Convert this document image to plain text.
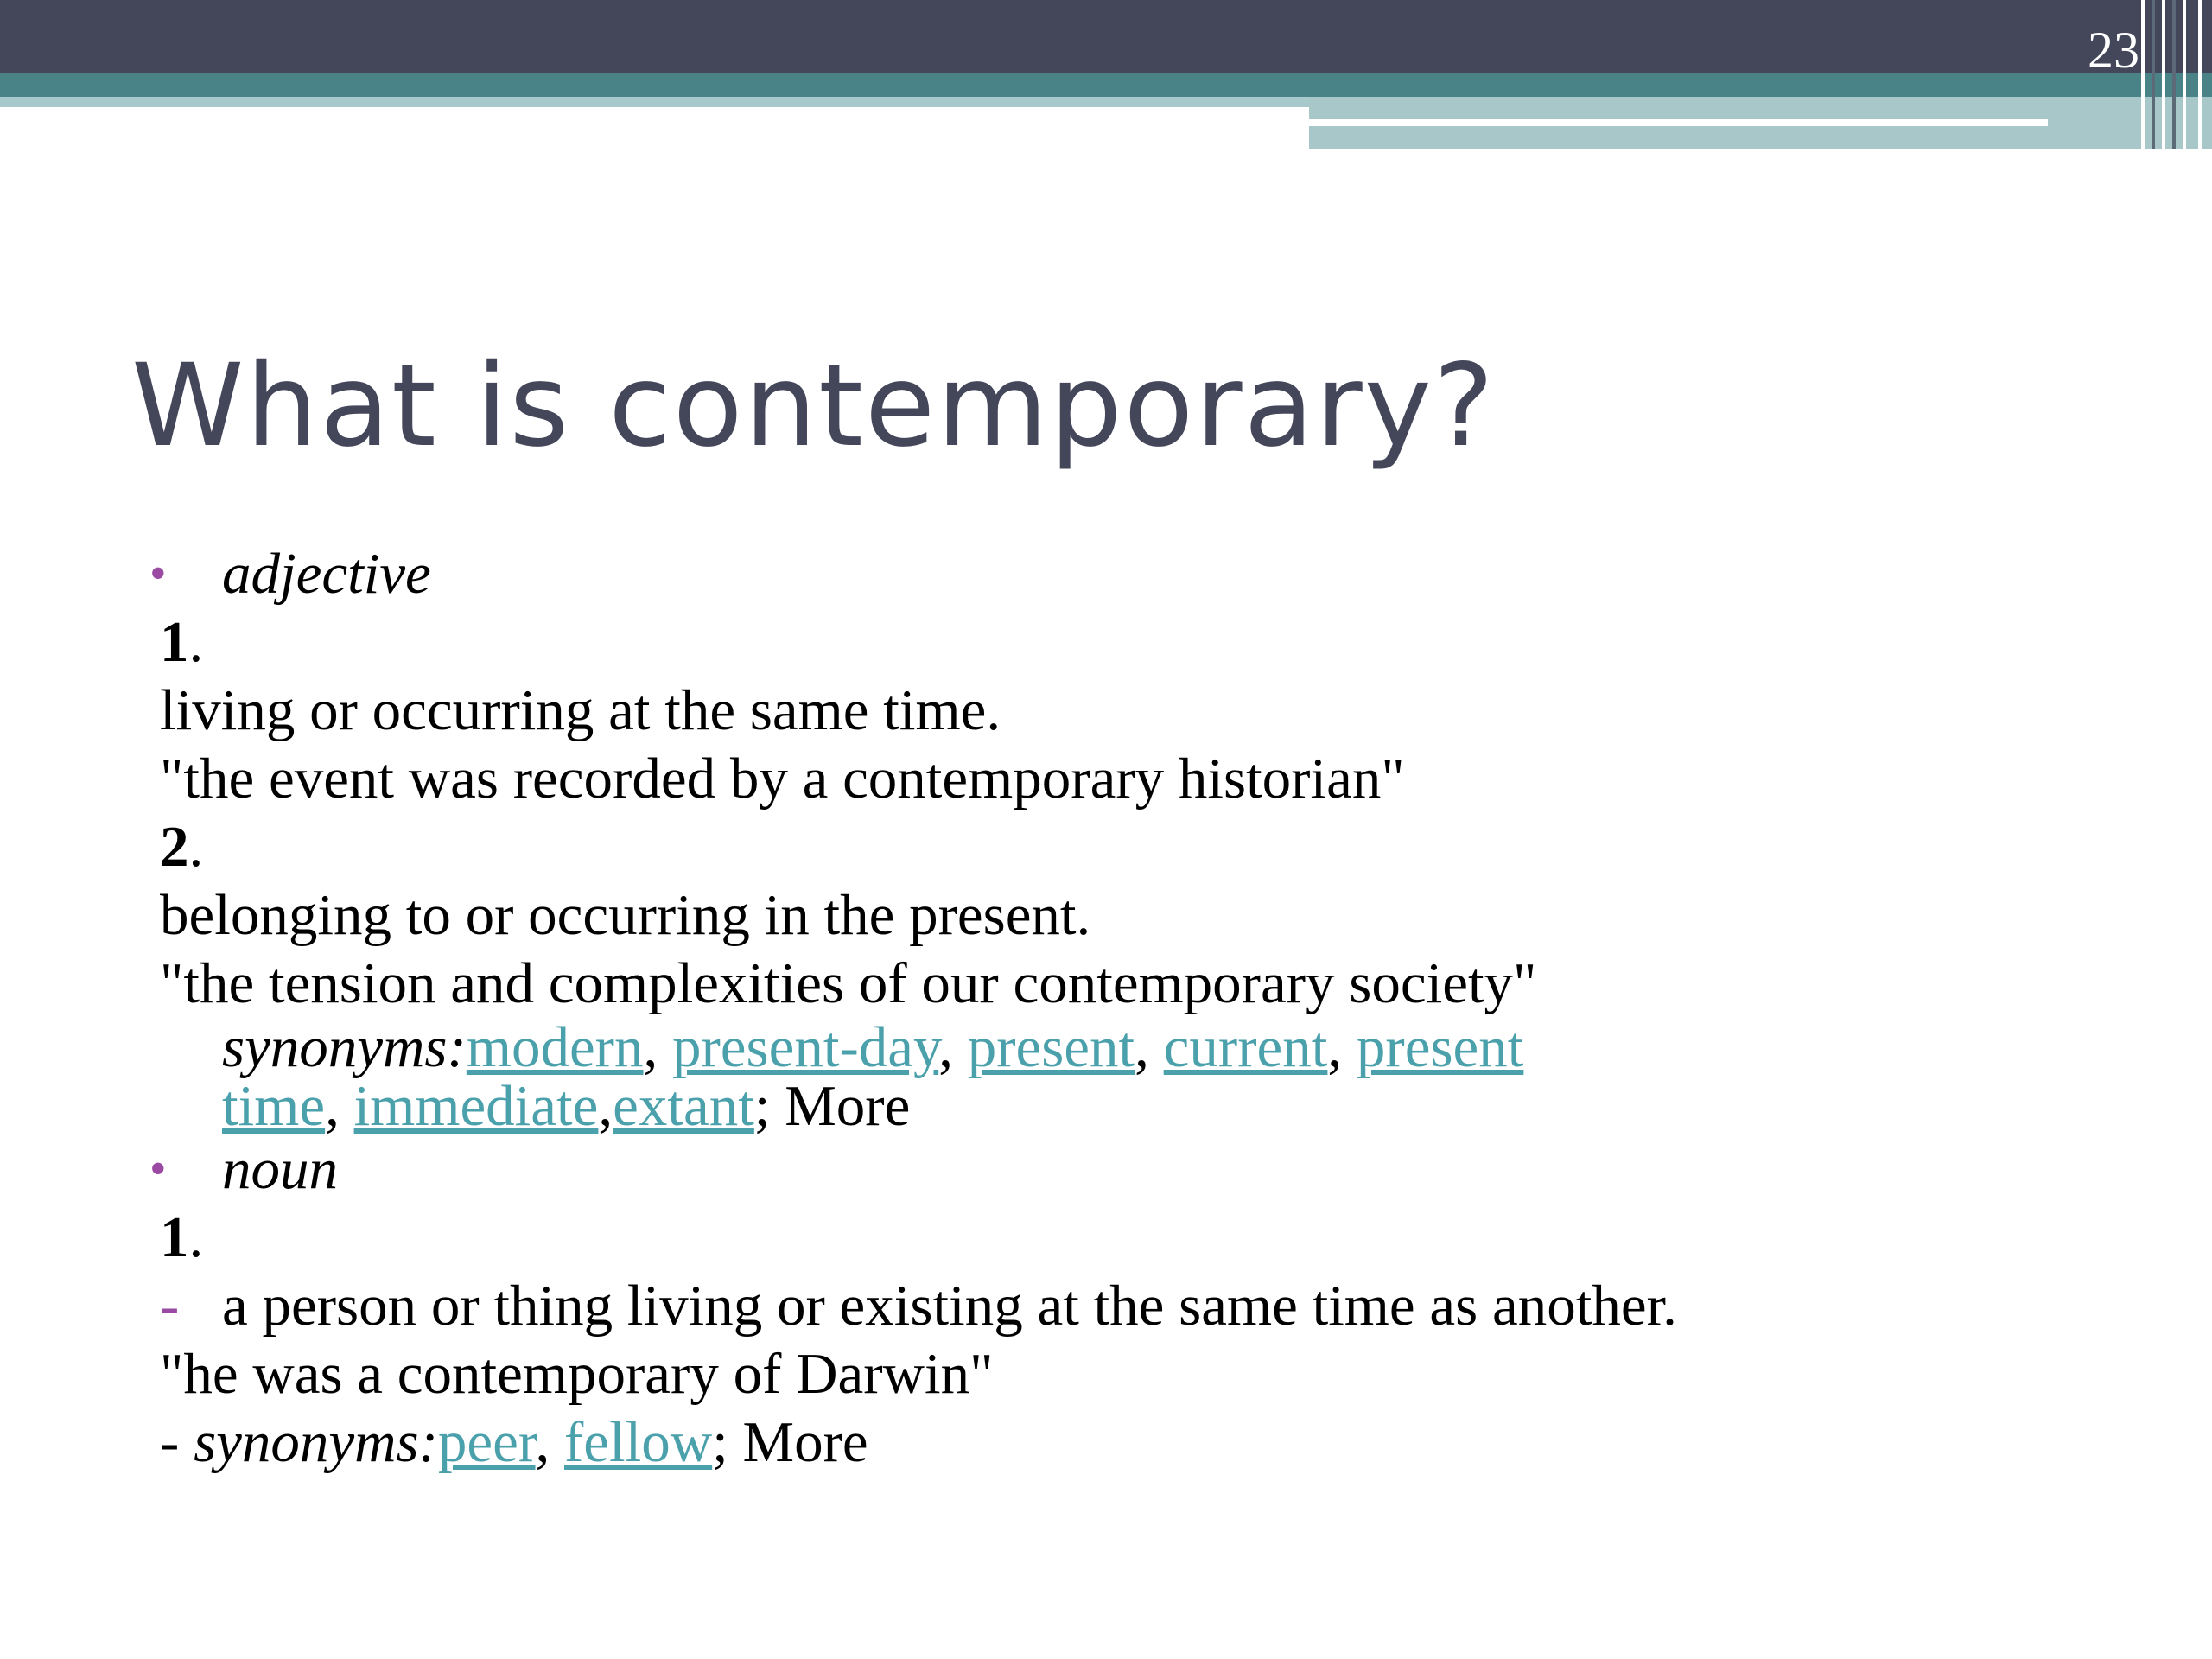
23
What is contemporary?
• adjective
1.
living or occurring at the same time.
"the event was recorded by a contemporary historian"
2.
belonging to or occurring in the present.
"the tension and complexities of our contemporary society"
synonyms:modern, present-day, present, current, present
time, immediate,extant; More
• noun
1.
- a person or thing living or existing at the same time as another.
"he was a contemporary of Darwin"
- synonyms:peer, fellow; More
